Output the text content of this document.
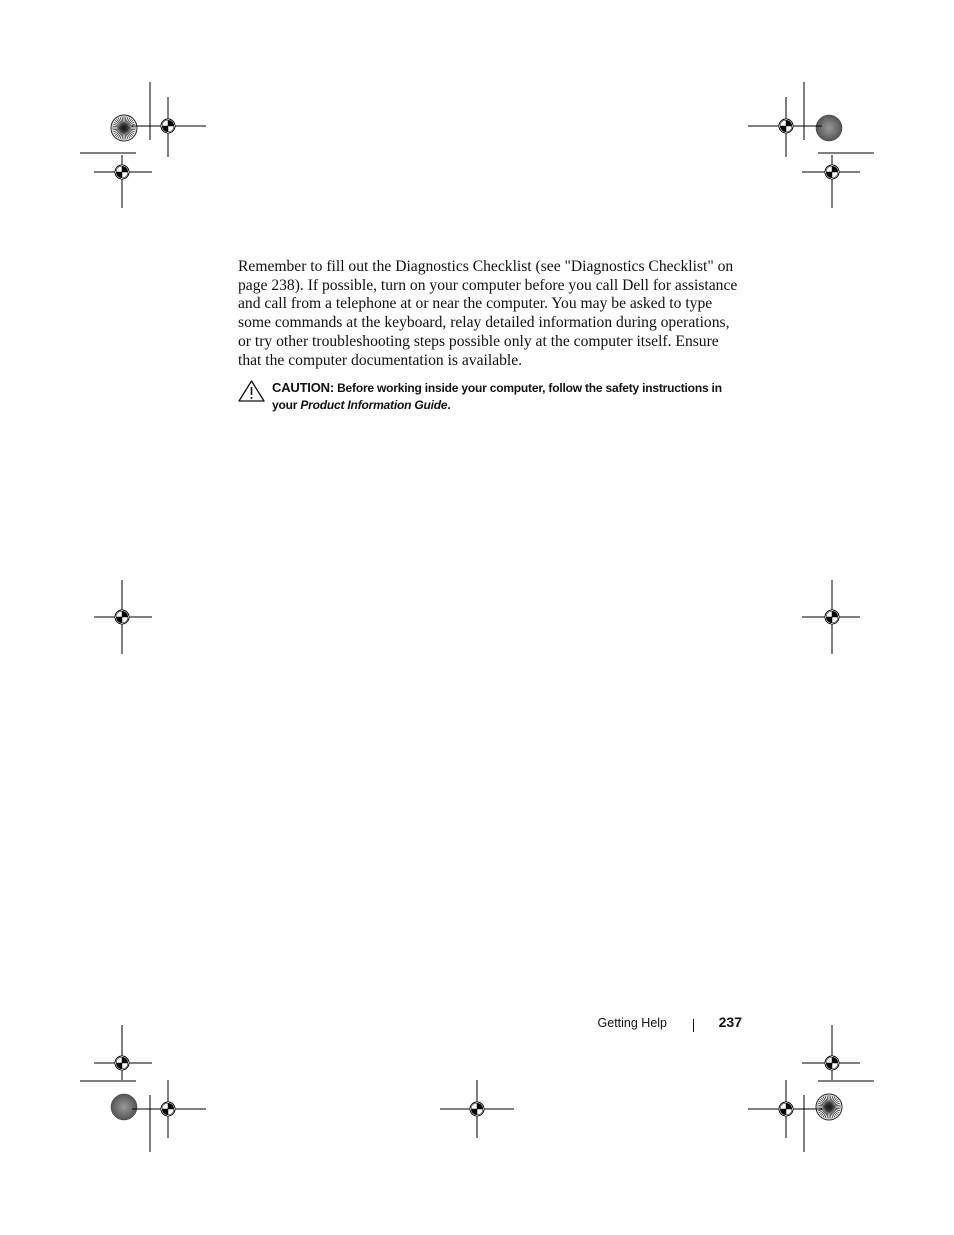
Remember to fill out the Diagnostics Checklist (see "Diagnostics Checklist" on page 238). If possible, turn on your computer before you call Dell for assistance and call from a telephone at or near the computer. You may be asked to type some commands at the keyboard, relay detailed information during operations, or try other troubleshooting steps possible only at the computer itself. Ensure that the computer documentation is available.

CAUTION: Before working inside your computer, follow the safety instructions in your Product Information Guide.
Getting Help	237
